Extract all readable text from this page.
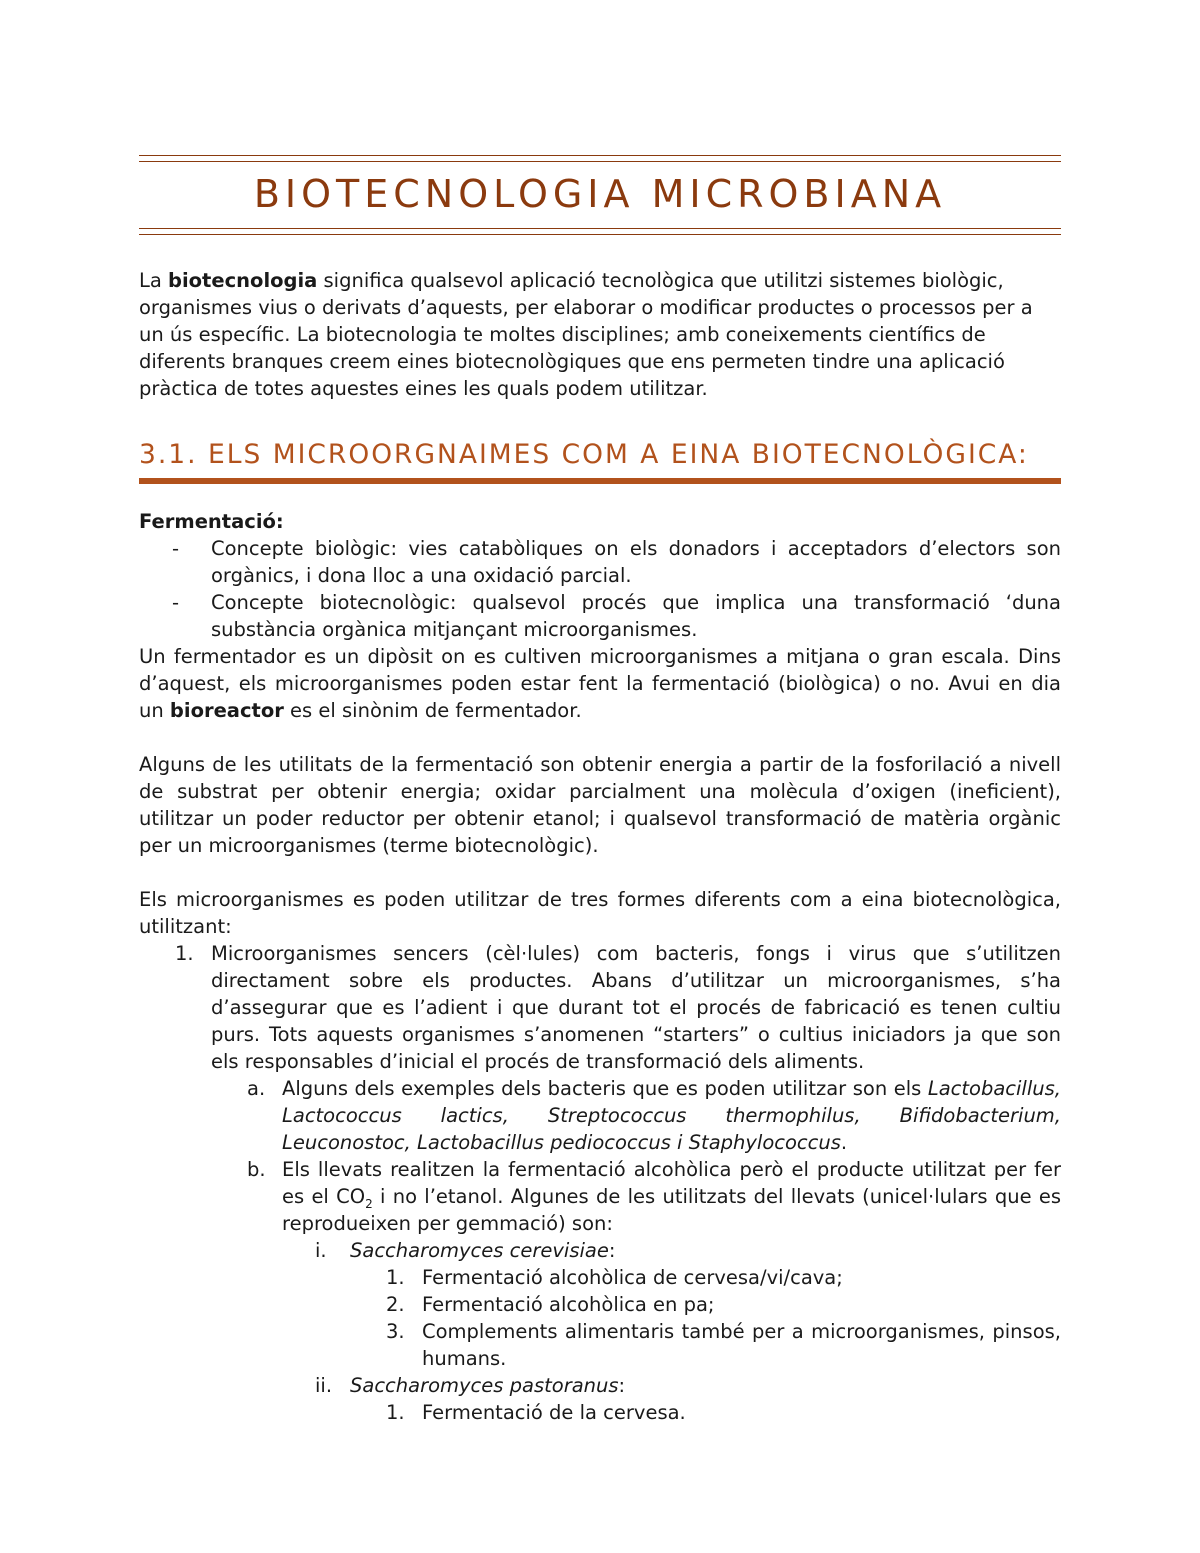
BIOTECNOLOGIA MICROBIANA

La biotecnologia significa qualsevol aplicació tecnològica que utilitzi sistemes biològic, organismes vius o derivats d’aquests, per elaborar o modificar productes o processos per a un ús específic. La biotecnologia te moltes disciplines; amb coneixements científics de diferents branques creem eines biotecnològiques que ens permeten tindre una aplicació pràctica de totes aquestes eines les quals podem utilitzar.

3.1. ELS MICROORGNAIMES COM A EINA BIOTECNOLÒGICA:

Fermentació:

- Concepte biològic: vies catabòliques on els donadors i acceptadors d’electors son orgànics, i dona lloc a una oxidació parcial.
- Concepte biotecnològic: qualsevol procés que implica una transformació ‘duna substància orgànica mitjançant microorganismes.

Un fermentador es un dipòsit on es cultiven microorganismes a mitjana o gran escala. Dins d’aquest, els microorganismes poden estar fent la fermentació (biològica) o no. Avui en dia un bioreactor es el sinònim de fermentador.

Alguns de les utilitats de la fermentació son obtenir energia a partir de la fosforilació a nivell de substrat per obtenir energia; oxidar parcialment una molècula d’oxigen (ineficient), utilitzar un poder reductor per obtenir etanol; i qualsevol transformació de matèria orgànic per un microorganismes (terme biotecnològic).

Els microorganismes es poden utilitzar de tres formes diferents com a eina biotecnològica, utilitzant:

1. Microorganismes sencers (cèl·lules) com bacteris, fongs i virus que s’utilitzen directament sobre els productes. Abans d’utilitzar un microorganismes, s’ha d’assegurar que es l’adient i que durant tot el procés de fabricació es tenen cultiu purs. Tots aquests organismes s’anomenen “starters” o cultius iniciadors ja que son els responsables d’inicial el procés de transformació dels aliments.
a. Alguns dels exemples dels bacteris que es poden utilitzar son els Lactobacillus, Lactococcus lactics, Streptococcus thermophilus, Bifidobacterium, Leuconostoc, Lactobacillus pediococcus i Staphylococcus.
b. Els llevats realitzen la fermentació alcohòlica però el producte utilitzat per fer es el $CO_2$ i no l’etanol. Algunes de les utilitzats del llevats (unicel·lulars que es reprodueixen per gemmació) son:
i. Saccharomyces cerevisiae:
1. Fermentació alcohòlica de cervesa/vi/cava;
2. Fermentació alcohòlica en pa;
3. Complements alimentaris també per a microorganismes, pinsos, humans.
ii. Saccharomyces pastoranus:
1. Fermentació de la cervesa.
